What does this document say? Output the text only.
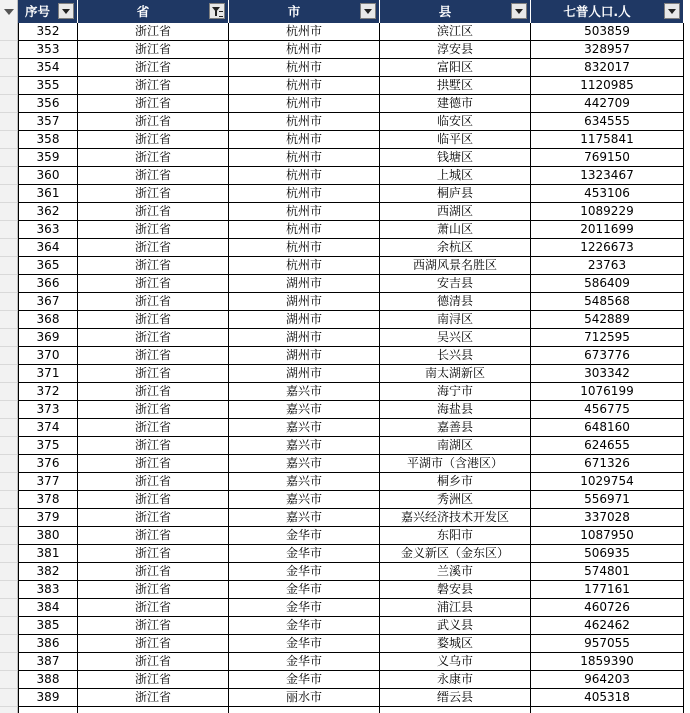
序号	省	市	县	七普人口.人
352	浙江省	杭州市	滨江区	503859
353	浙江省	杭州市	淳安县	328957
354	浙江省	杭州市	富阳区	832017
355	浙江省	杭州市	拱墅区	1120985
356	浙江省	杭州市	建德市	442709
357	浙江省	杭州市	临安区	634555
358	浙江省	杭州市	临平区	1175841
359	浙江省	杭州市	钱塘区	769150
360	浙江省	杭州市	上城区	1323467
361	浙江省	杭州市	桐庐县	453106
362	浙江省	杭州市	西湖区	1089229
363	浙江省	杭州市	萧山区	2011699
364	浙江省	杭州市	余杭区	1226673
365	浙江省	杭州市	西湖风景名胜区	23763
366	浙江省	湖州市	安吉县	586409
367	浙江省	湖州市	德清县	548568
368	浙江省	湖州市	南浔区	542889
369	浙江省	湖州市	吴兴区	712595
370	浙江省	湖州市	长兴县	673776
371	浙江省	湖州市	南太湖新区	303342
372	浙江省	嘉兴市	海宁市	1076199
373	浙江省	嘉兴市	海盐县	456775
374	浙江省	嘉兴市	嘉善县	648160
375	浙江省	嘉兴市	南湖区	624655
376	浙江省	嘉兴市	平湖市（含港区）	671326
377	浙江省	嘉兴市	桐乡市	1029754
378	浙江省	嘉兴市	秀洲区	556971
379	浙江省	嘉兴市	嘉兴经济技术开发区	337028
380	浙江省	金华市	东阳市	1087950
381	浙江省	金华市	金义新区（金东区）	506935
382	浙江省	金华市	兰溪市	574801
383	浙江省	金华市	磐安县	177161
384	浙江省	金华市	浦江县	460726
385	浙江省	金华市	武义县	462462
386	浙江省	金华市	婺城区	957055
387	浙江省	金华市	义乌市	1859390
388	浙江省	金华市	永康市	964203
389	浙江省	丽水市	缙云县	405318
